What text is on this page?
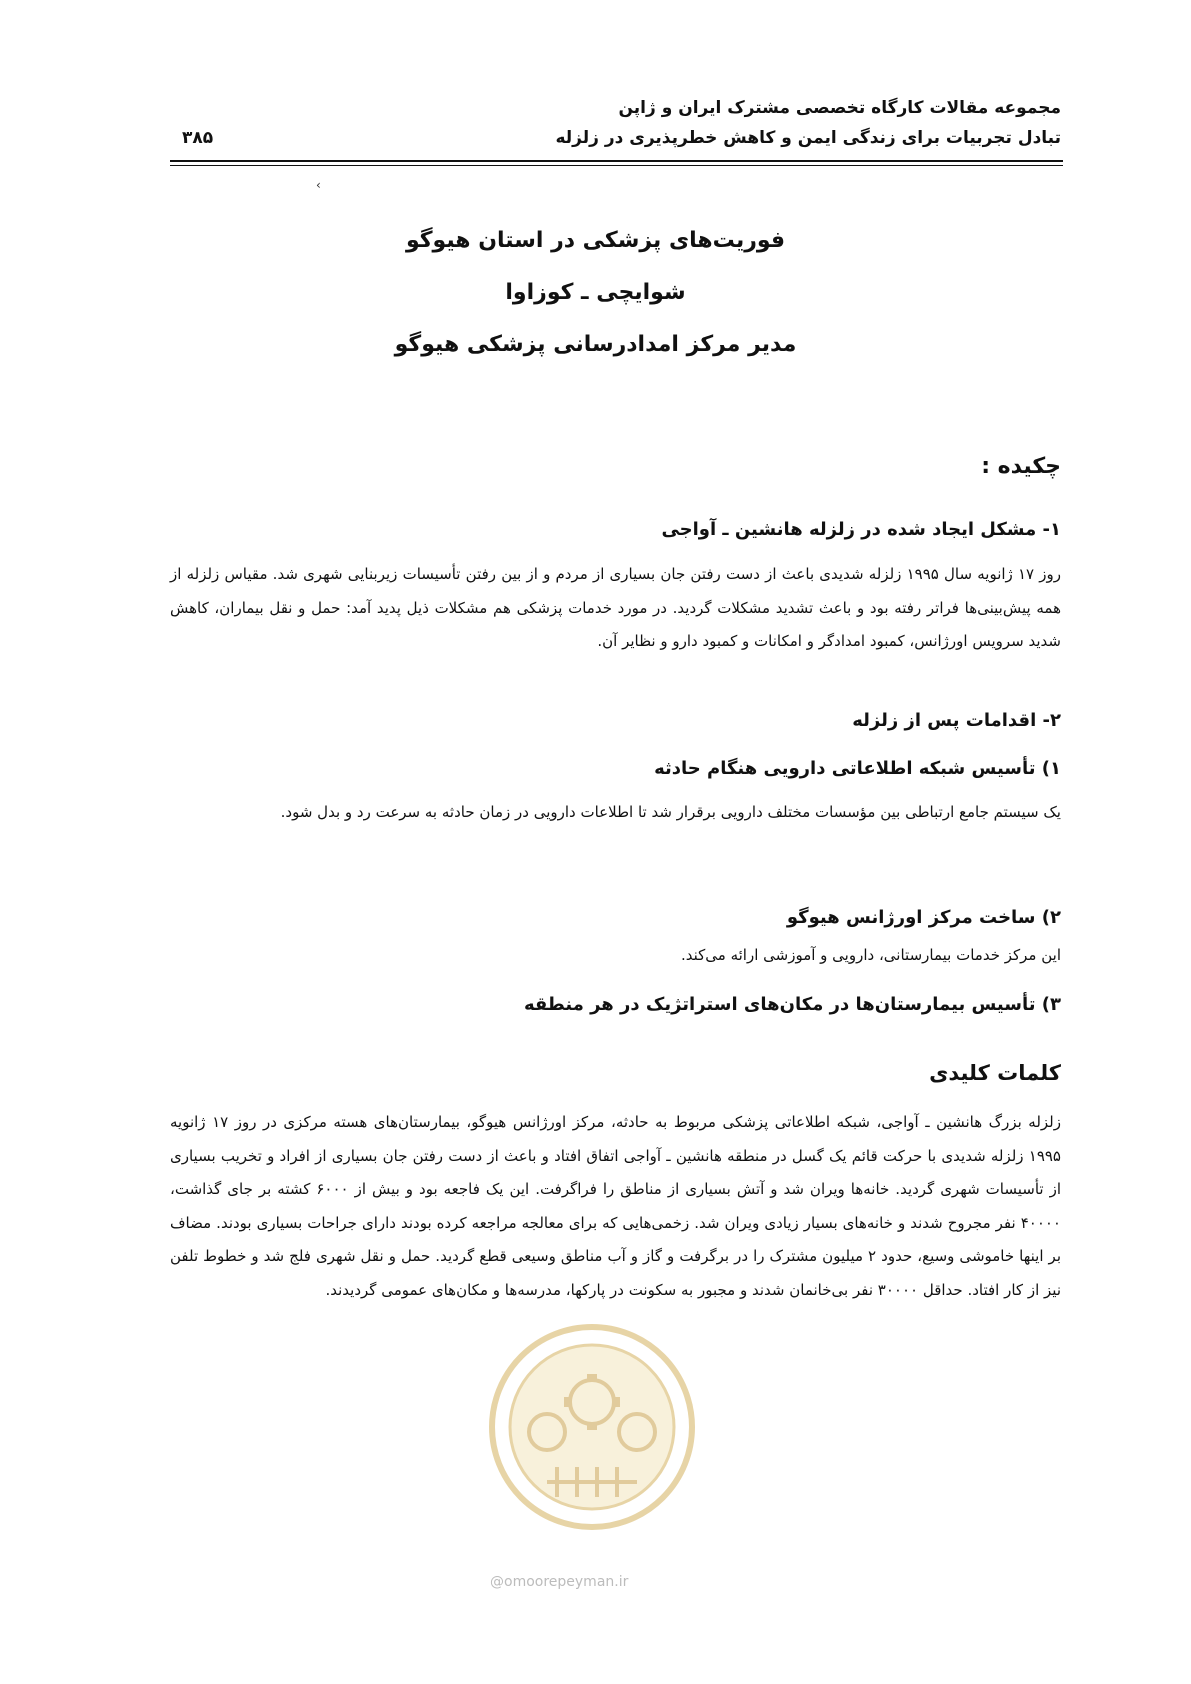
مجموعه مقالات کارگاه تخصصی مشترک ایران و ژاپن
تبادل تجربیات برای زندگی ایمن و کاهش خطرپذیری در زلزله
۳۸۵
‹
فوریت‌های پزشکی در استان هیوگو
شوایچی ـ کوزاوا
مدیر مرکز امدادرسانی پزشکی هیوگو
چکیده :
۱- مشکل ایجاد شده در زلزله هانشین ـ آواجی
روز ۱۷ ژانویه سال ۱۹۹۵ زلزله شدیدی باعث از دست رفتن جان بسیاری از مردم و از بین رفتن تأسیسات زیربنایی شهری شد. مقیاس زلزله از همه پیش‌بینی‌ها فراتر رفته بود و باعث تشدید مشکلات گردید. در مورد خدمات پزشکی هم مشکلات ذیل پدید آمد: حمل و نقل بیماران، کاهش شدید سرویس اورژانس، کمبود امدادگر و امکانات و کمبود دارو و نظایر آن.
۲- اقدامات پس از زلزله
۱) تأسیس شبکه اطلاعاتی دارویی هنگام حادثه
یک سیستم جامع ارتباطی بین مؤسسات مختلف دارویی برقرار شد تا اطلاعات دارویی در زمان حادثه به سرعت رد و بدل شود.
۲) ساخت مرکز اورژانس هیوگو
این مرکز خدمات بیمارستانی، دارویی و آموزشی ارائه می‌کند.
۳) تأسیس بیمارستان‌ها در مکان‌های استراتژیک در هر منطقه
کلمات کلیدی
زلزله بزرگ هانشین ـ آواجی، شبکه اطلاعاتی پزشکی مربوط به حادثه، مرکز اورژانس هیوگو، بیمارستان‌های هسته مرکزی در روز ۱۷ ژانویه ۱۹۹۵ زلزله شدیدی با حرکت قائم یک گسل در منطقه هانشین ـ آواجی اتفاق افتاد و باعث از دست رفتن جان بسیاری از افراد و تخریب بسیاری از تأسیسات شهری گردید. خانه‌ها ویران شد و آتش بسیاری از مناطق را فراگرفت. این یک فاجعه بود و بیش از ۶۰۰۰ کشته بر جای گذاشت، ۴۰۰۰۰ نفر مجروح شدند و خانه‌های بسیار زیادی ویران شد. زخمی‌هایی که برای معالجه مراجعه کرده بودند دارای جراحات بسیاری بودند. مضاف بر اینها خاموشی وسیع، حدود ۲ میلیون مشترک را در برگرفت و گاز و آب مناطق وسیعی قطع گردید. حمل و نقل شهری فلج شد و خطوط تلفن نیز از کار افتاد. حداقل ۳۰۰۰۰ نفر بی‌خانمان شدند و مجبور به سکونت در پارکها، مدرسه‌ها و مکان‌های عمومی گردیدند.
@omoorepeyman.ir
